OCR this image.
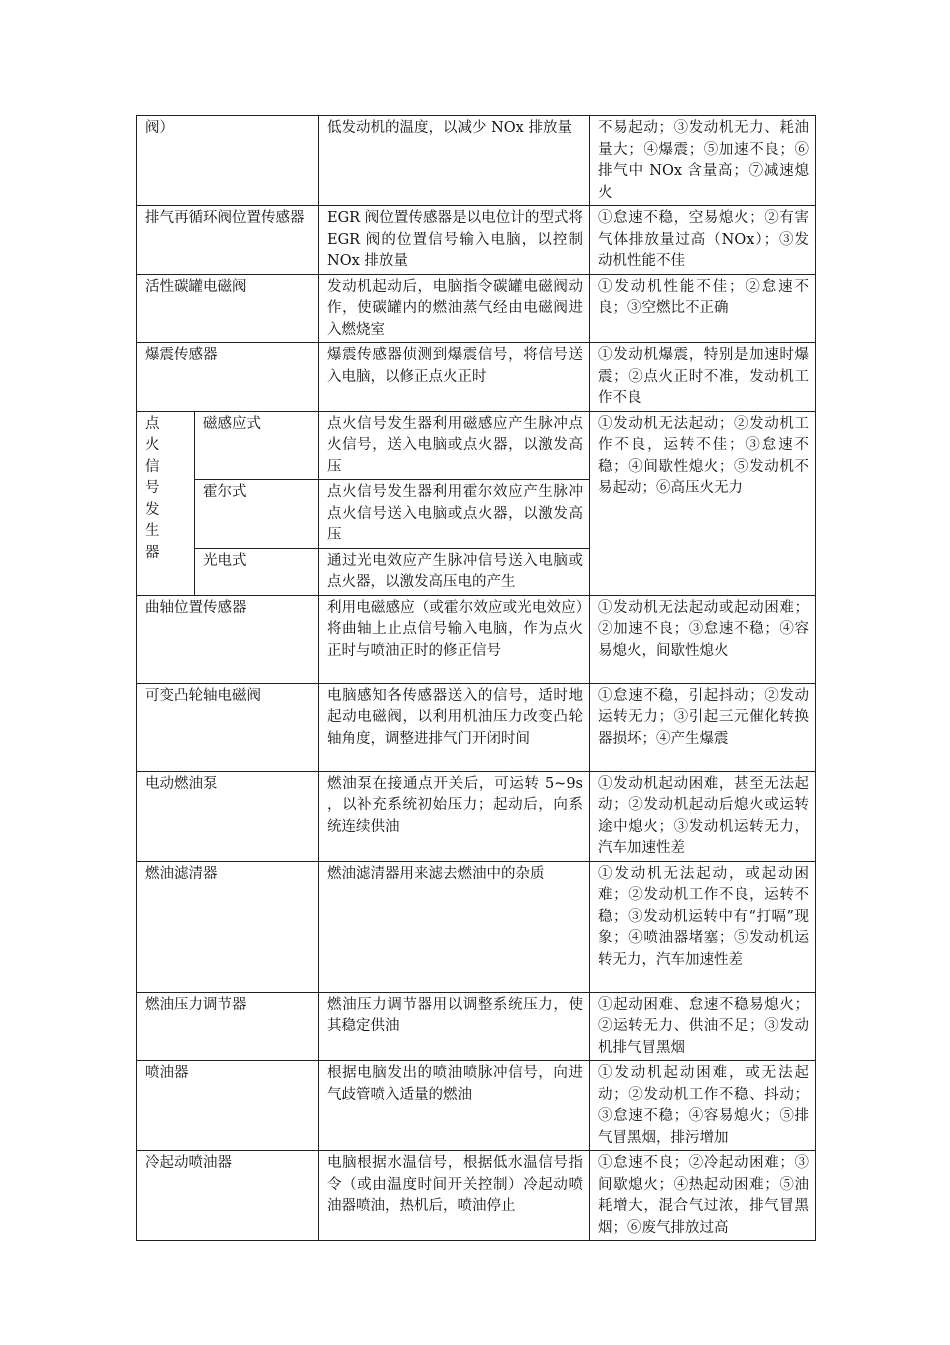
阀）		低发动机的温度，以减少 NOx 排放量	不易起动；③发动机无力、耗油量大；④爆震；⑤加速不良；⑥排气中 NOx 含量高；⑦减速熄火
排气再循环阀位置传感器		EGR 阀位置传感器是以电位计的型式将 EGR 阀的位置信号输入电脑，以控制 NOx 排放量	①怠速不稳，空易熄火；②有害气体排放量过高（NOx）；③发动机性能不佳
活性碳罐电磁阀		发动机起动后，电脑指令碳罐电磁阀动作，使碳罐内的燃油蒸气经由电磁阀进入燃烧室	①发动机性能不佳；②怠速不良；③空燃比不正确
爆震传感器		爆震传感器侦测到爆震信号，将信号送入电脑，以修正点火正时	①发动机爆震，特别是加速时爆震；②点火正时不准，发动机工作不良
点火信号发生器	磁感应式	点火信号发生器利用磁感应产生脉冲点火信号，送入电脑或点火器，以激发高压	①发动机无法起动；②发动机工作不良，运转不佳；③怠速不稳；④间歇性熄火；⑤发动机不易起动；⑥高压火无力
	霍尔式	点火信号发生器利用霍尔效应产生脉冲点火信号送入电脑或点火器，以激发高压	
	光电式	通过光电效应产生脉冲信号送入电脑或点火器，以激发高压电的产生	
曲轴位置传感器		利用电磁感应（或霍尔效应或光电效应）将曲轴上止点信号输入电脑，作为点火正时与喷油正时的修正信号	①发动机无法起动或起动困难；②加速不良；③怠速不稳；④容易熄火，间歇性熄火
可变凸轮轴电磁阀		电脑感知各传感器送入的信号，适时地起动电磁阀，以利用机油压力改变凸轮轴角度，调整进排气门开闭时间	①怠速不稳，引起抖动；②发动运转无力；③引起三元催化转换器损坏；④产生爆震
电动燃油泵		燃油泵在接通点开关后，可运转 5~9s ，以补充系统初始压力；起动后，向系统连续供油	①发动机起动困难，甚至无法起动；②发动机起动后熄火或运转途中熄火；③发动机运转无力，汽车加速性差
燃油滤清器		燃油滤清器用来滤去燃油中的杂质	①发动机无法起动，或起动困难；②发动机工作不良，运转不稳；③发动机运转中有“打嗝”现象；④喷油器堵塞；⑤发动机运转无力，汽车加速性差
燃油压力调节器		燃油压力调节器用以调整系统压力，使其稳定供油	①起动困难、怠速不稳易熄火；②运转无力、供油不足；③发动机排气冒黑烟
喷油器		根据电脑发出的喷油喷脉冲信号，向进气歧管喷入适量的燃油	①发动机起动困难，或无法起动；②发动机工作不稳、抖动；③怠速不稳；④容易熄火；⑤排气冒黑烟，排污增加
冷起动喷油器		电脑根据水温信号，根据低水温信号指令（或由温度时间开关控制）冷起动喷油器喷油，热机后，喷油停止	①怠速不良；②冷起动困难；③间歇熄火；④热起动困难；⑤油耗增大，混合气过浓，排气冒黑烟；⑥废气排放过高
